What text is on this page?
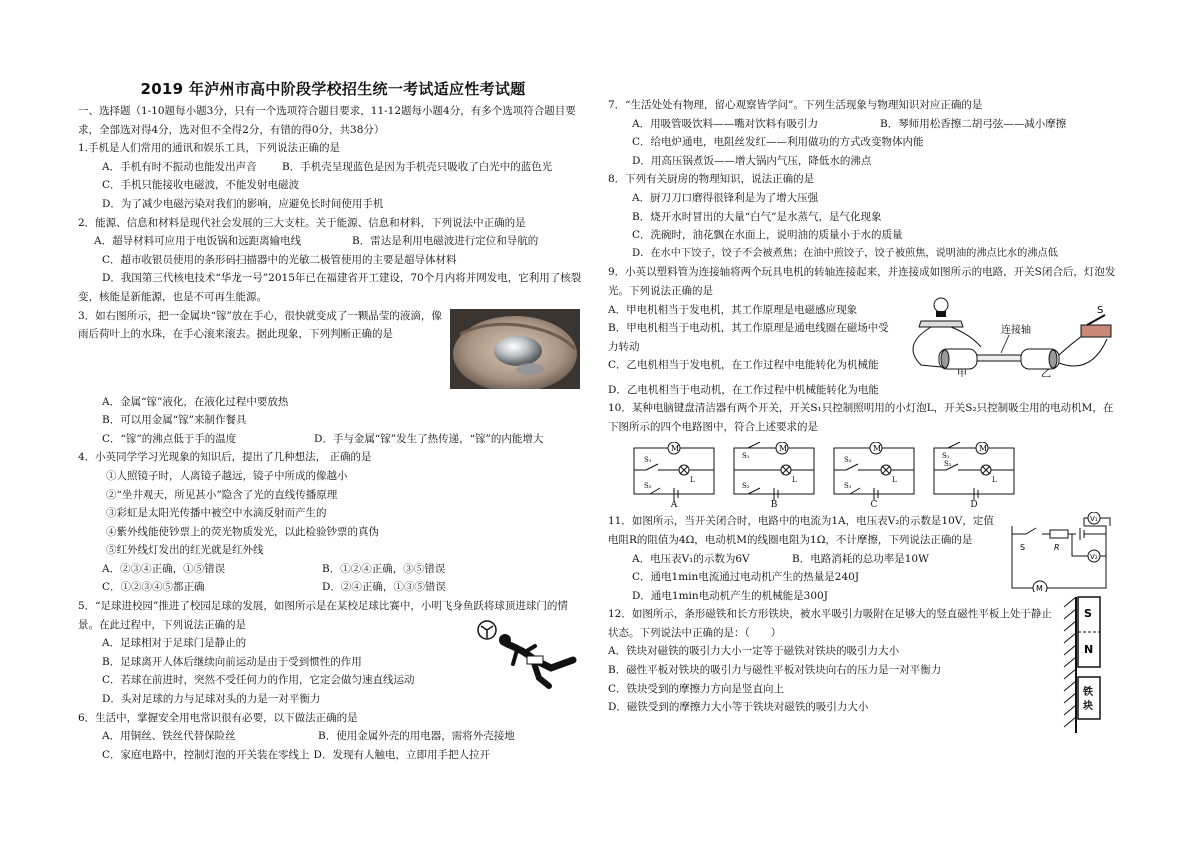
2019 年泸州市高中阶段学校招生统一考试适应性考试题

一、选择题（1-10题每小题3分，只有一个选项符合题目要求，11-12题每小题4分，有多个选项符合题目要求，全部选对得4分，选对但不全得2分，有错的得0分，共38分）

1.手机是人们常用的通讯和娱乐工具，下列说法正确的是

A．手机有时不振动也能发出声音	B．手机壳呈现蓝色是因为手机壳只吸收了白光中的蓝色光

C．手机只能接收电磁波，不能发射电磁波

D．为了减少电磁污染对我们的影响，应避免长时间使用手机

2．能源、信息和材料是现代社会发展的三大支柱。关于能源、信息和材料，下列说法中正确的是

A．超导材料可应用于电饭锅和远距离输电线	B．雷达是利用电磁波进行定位和导航的

C．超市收银员使用的条形码扫描器中的光敏二极管使用的主要是超导体材料

D．我国第三代核电技术“华龙一号”2015年已在福建省开工建设，70个月内将并网发电，它利用了核裂变，核能是新能源，也是不可再生能源。

3．如右图所示，把一金属块“镓”放在手心，很快就变成了一颗晶莹的液滴，像雨后荷叶上的水珠，在手心滚来滚去。据此现象，下列判断正确的是

A．金属“镓”液化，在液化过程中要放热

B．可以用金属“镓”来制作餐具

C．“镓”的沸点低于手的温度	D．手与金属“镓”发生了热传递，“镓”的内能增大

4．小英同学学习光现象的知识后，提出了几种想法， 正确的是

①人照镜子时，人离镜子越远，镜子中所成的像越小

②“坐井观天，所见甚小”隐含了光的直线传播原理

③彩虹是太阳光传播中被空中水滴反射而产生的

④紫外线能使钞票上的荧光物质发光，以此检验钞票的真伪

⑤红外线灯发出的红光就是红外线

A．②③④正确，①⑤错误	B．①②④正确，③⑤错误
C．①②③④⑤都正确	D．②④正确，①③⑤错误

5．“足球进校园”推进了校园足球的发展，如图所示是在某校足球比赛中，小明飞身鱼跃将球顶进球门的情景。在此过程中，下列说法正确的是

A．足球相对于足球门是静止的

B．足球离开人体后继续向前运动是由于受到惯性的作用

C．若球在前进时，突然不受任何力的作用，它定会做匀速直线运动

D．头对足球的力与足球对头的力是一对平衡力

6．生活中，掌握安全用电常识很有必要，以下做法正确的是

A．用铜丝、铁丝代替保险丝	B．使用金属外壳的用电器，需将外壳接地
C．家庭电路中，控制灯泡的开关装在零线上 D．发现有人触电，立即用手把人拉开

7．“生活处处有物理，留心观察皆学问”。下列生活现象与物理知识对应正确的是

A．用吸管吸饮料——嘴对饮料有吸引力	B．琴师用松香擦二胡弓弦——减小摩擦

C．给电炉通电，电阻丝发红——利用做功的方式改变物体内能

D．用高压锅煮饭——增大锅内气压，降低水的沸点

8．下列有关厨房的物理知识，说法正确的是

A．厨刀刀口磨得很锋利是为了增大压强

B．烧开水时冒出的大量“白气”是水蒸气，是气化现象

C．洗碗时，油花飘在水面上，说明油的质量小于水的质量

D．在水中下饺子，饺子不会被煮焦；在油中煎饺子，饺子被煎焦，说明油的沸点比水的沸点低

9．小英以塑料管为连接轴将两个玩具电机的转轴连接起来，并连接成如图所示的电路，开关S闭合后，灯泡发光。下列说法正确的是

A．甲电机相当于发电机，其工作原理是电磁感应现象

B．甲电机相当于电动机，其工作原理是通电线圈在磁场中受力转动

C．乙电机相当于发电机，在工作过程中电能转化为机械能

连接轴
甲	乙
S

D．乙电机相当于电动机，在工作过程中机械能转化为电能

10．某种电脑键盘清洁器有两个开关，开关S₁只控制照明用的小灯泡L，开关S₂只控制吸尘用的电动机M，在下图所示的四个电路图中，符合上述要求的是

M
S₁
S₂
L
A
M
S₁
S₂
L
B
M
S₂
S₁
L
C
M
S₁
S₂
L
D

11．如图所示，当开关闭合时，电路中的电流为1A，电压表V₂的示数是10V，定值电阻R的阻值为4Ω，电动机M的线圈电阻为1Ω，不计摩擦，下列说法正确的是

A．电压表V₁的示数为6V	B．电路消耗的总功率是10W

C．通电1min电流通过电动机产生的热量是240J

D．通电1min电动机产生的机械能是300J

V₁
S	R
V₂
M

12．如图所示，条形磁铁和长方形铁块，被水平吸引力吸附在足够大的竖直磁性平板上处于静止状态。下列说法中正确的是：（　　）

A．铁块对磁铁的吸引力大小一定等于磁铁对铁块的吸引力大小

B．磁性平板对铁块的吸引力与磁性平板对铁块向右的压力是一对平衡力

C．铁块受到的摩擦力方向是竖直向上

D．磁铁受到的摩擦力大小等于铁块对磁铁的吸引力大小

S
N
铁块
